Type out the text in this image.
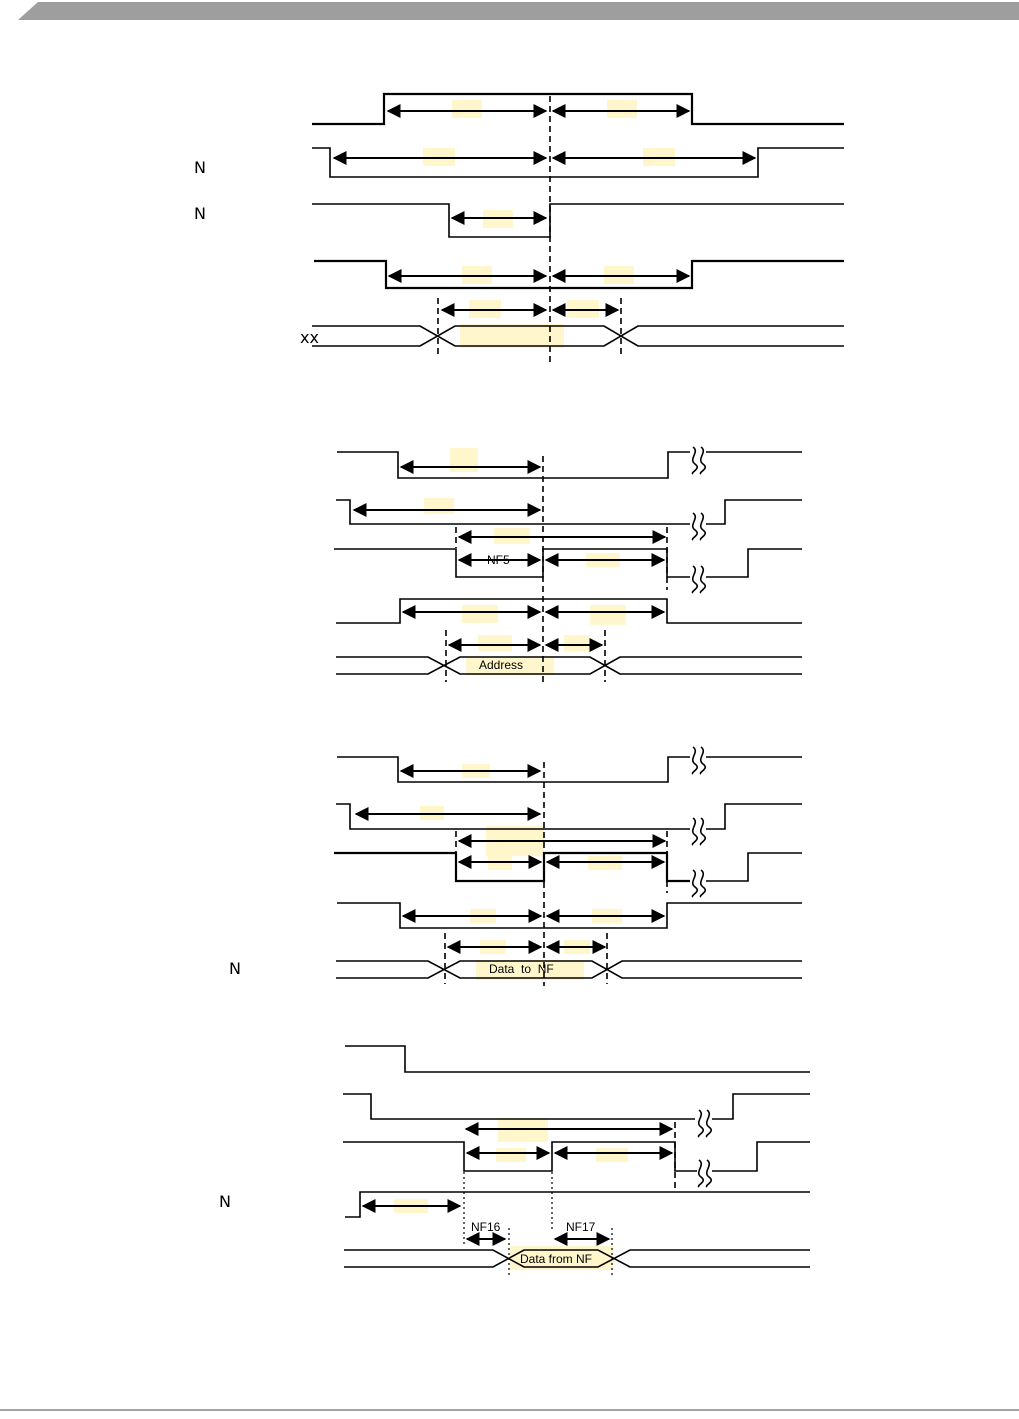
N
N
xx
NF5
Address
N	Data  to  NF
N
NF16	NF17
Data from NF
